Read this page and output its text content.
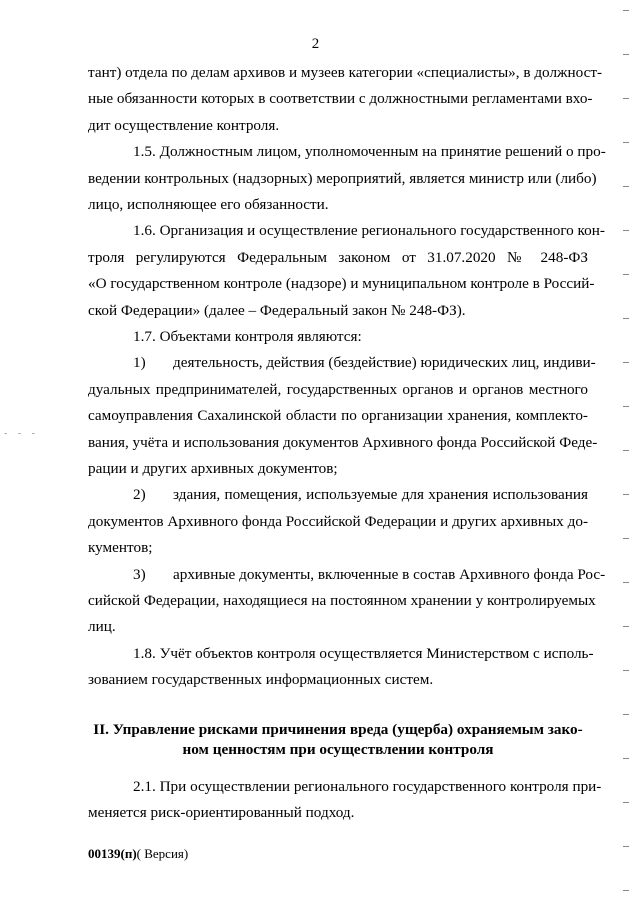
2
- - -
тант) отдела по делам архивов и музеев категории «специалисты», в должност-
ные обязанности которых в соответствии с должностными регламентами вхо-
дит осуществление контроля.
1.5. Должностным лицом, уполномоченным на принятие решений о про-
ведении контрольных (надзорных) мероприятий, является министр или (либо)
лицо, исполняющее его обязанности.
1.6. Организация и осуществление регионального государственного кон-
троля регулируются Федеральным законом от 31.07.2020 № 248-ФЗ
«О государственном контроле (надзоре) и муниципальном контроле в Россий-
ской Федерации» (далее – Федеральный закон № 248-ФЗ).
1.7. Объектами контроля являются:
1) деятельность, действия (бездействие) юридических лиц, индиви-
дуальных предпринимателей, государственных органов и органов местного
самоуправления Сахалинской области по организации хранения, комплекто-
вания, учёта и использования документов Архивного фонда Российской Феде-
рации и других архивных документов;
2) здания, помещения, используемые для хранения использования
документов Архивного фонда Российской Федерации и других архивных до-
кументов;
3) архивные документы, включенные в состав Архивного фонда Рос-
сийской Федерации, находящиеся на постоянном хранении у контролируемых
лиц.
1.8. Учёт объектов контроля осуществляется Министерством с исполь-
зованием государственных информационных систем.
II. Управление рисками причинения вреда (ущерба) охраняемым зако-
ном ценностям при осуществлении контроля
2.1. При осуществлении регионального государственного контроля при-
меняется риск-ориентированный подход.
00139(п)( Версия)
